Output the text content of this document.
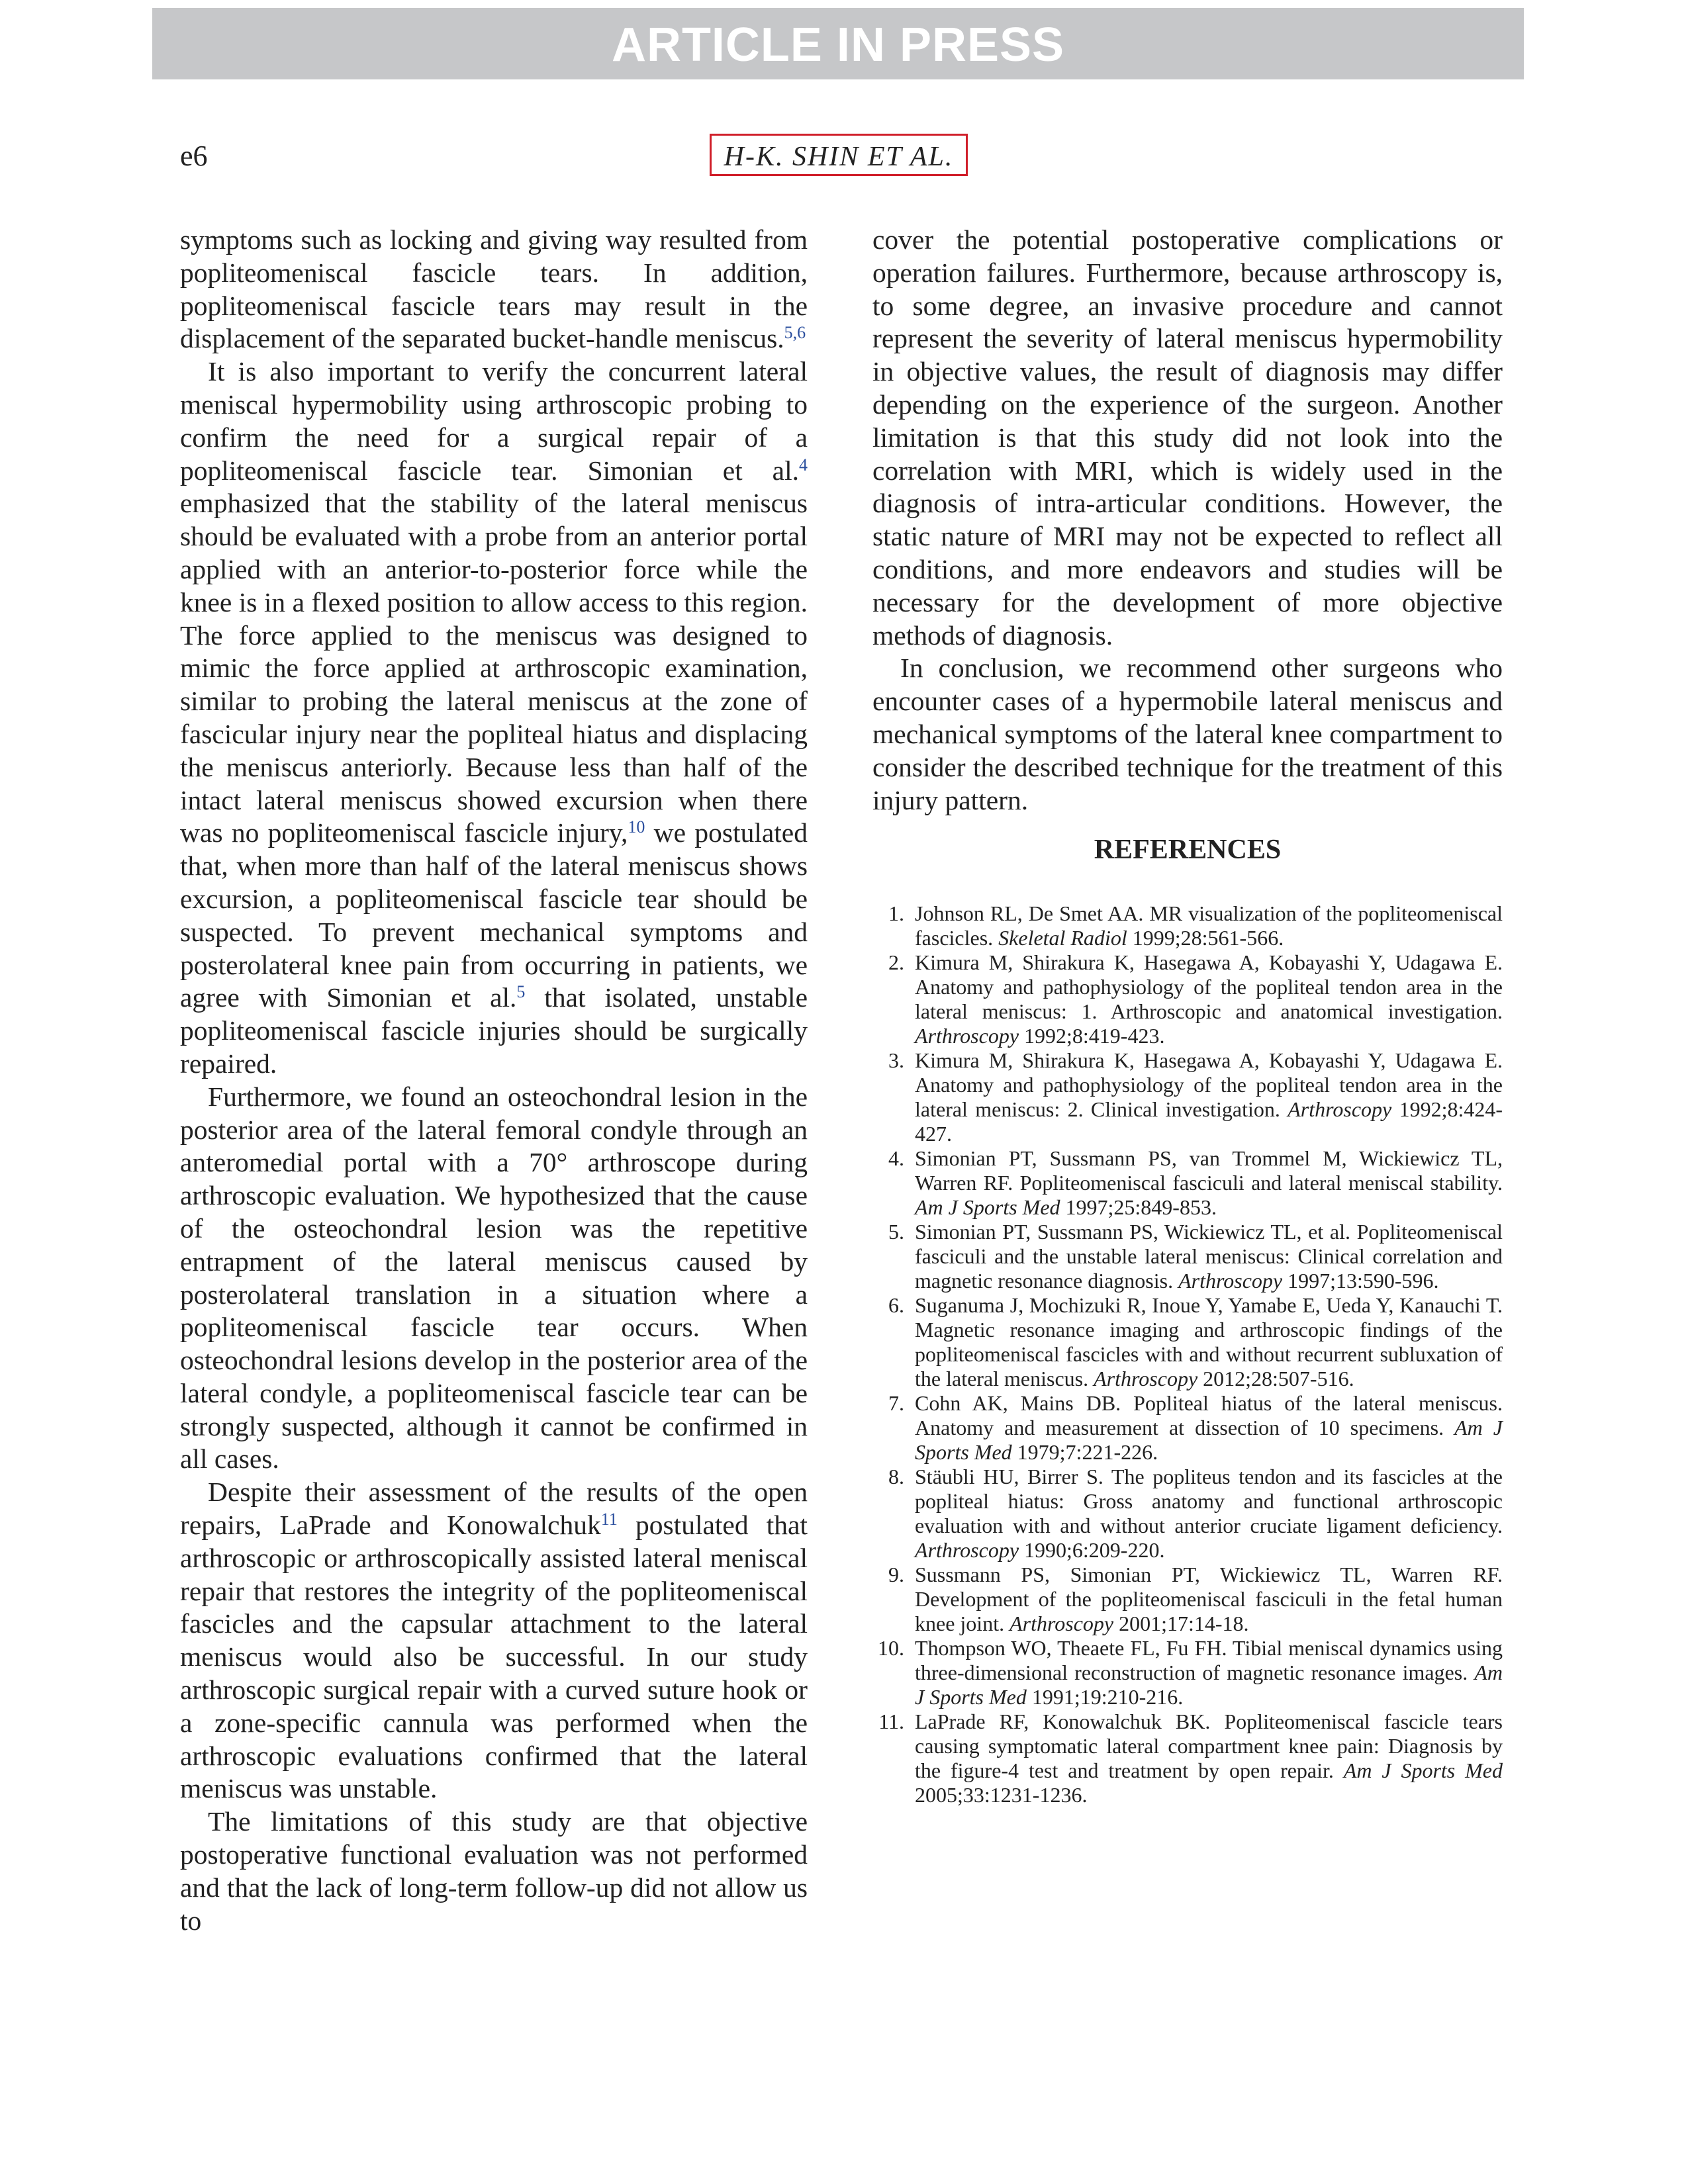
ARTICLE IN PRESS
e6	H-K. SHIN ET AL.

symptoms such as locking and giving way resulted from popliteomeniscal fascicle tears. In addition, popliteomeniscal fascicle tears may result in the displacement of the separated bucket-handle meniscus.$^{5,6}$

It is also important to verify the concurrent lateral meniscal hypermobility using arthroscopic probing to confirm the need for a surgical repair of a popliteomeniscal fascicle tear. Simonian et al.$^4$ emphasized that the stability of the lateral meniscus should be evaluated with a probe from an anterior portal applied with an anterior-to-posterior force while the knee is in a flexed position to allow access to this region. The force applied to the meniscus was designed to mimic the force applied at arthroscopic examination, similar to probing the lateral meniscus at the zone of fascicular injury near the popliteal hiatus and displacing the meniscus anteriorly. Because less than half of the intact lateral meniscus showed excursion when there was no popliteomeniscal fascicle injury,$^{10}$ we postulated that, when more than half of the lateral meniscus shows excursion, a popliteomeniscal fascicle tear should be suspected. To prevent mechanical symptoms and posterolateral knee pain from occurring in patients, we agree with Simonian et al.$^5$ that isolated, unstable popliteomeniscal fascicle injuries should be surgically repaired.

Furthermore, we found an osteochondral lesion in the posterior area of the lateral femoral condyle through an anteromedial portal with a 70° arthroscope during arthroscopic evaluation. We hypothesized that the cause of the osteochondral lesion was the repetitive entrapment of the lateral meniscus caused by posterolateral translation in a situation where a popliteomeniscal fascicle tear occurs. When osteochondral lesions develop in the posterior area of the lateral condyle, a popliteomeniscal fascicle tear can be strongly suspected, although it cannot be confirmed in all cases.

Despite their assessment of the results of the open repairs, LaPrade and Konowalchuk$^{11}$ postulated that arthroscopic or arthroscopically assisted lateral meniscal repair that restores the integrity of the popliteomeniscal fascicles and the capsular attachment to the lateral meniscus would also be successful. In our study arthroscopic surgical repair with a curved suture hook or a zone-specific cannula was performed when the arthroscopic evaluations confirmed that the lateral meniscus was unstable.

The limitations of this study are that objective postoperative functional evaluation was not performed and that the lack of long-term follow-up did not allow us to

cover the potential postoperative complications or operation failures. Furthermore, because arthroscopy is, to some degree, an invasive procedure and cannot represent the severity of lateral meniscus hypermobility in objective values, the result of diagnosis may differ depending on the experience of the surgeon. Another limitation is that this study did not look into the correlation with MRI, which is widely used in the diagnosis of intra-articular conditions. However, the static nature of MRI may not be expected to reflect all conditions, and more endeavors and studies will be necessary for the development of more objective methods of diagnosis.

In conclusion, we recommend other surgeons who encounter cases of a hypermobile lateral meniscus and mechanical symptoms of the lateral knee compartment to consider the described technique for the treatment of this injury pattern.

REFERENCES
1. Johnson RL, De Smet AA. MR visualization of the popliteomeniscal fascicles. Skeletal Radiol 1999;28:561-566.
2. Kimura M, Shirakura K, Hasegawa A, Kobayashi Y, Udagawa E. Anatomy and pathophysiology of the popliteal tendon area in the lateral meniscus: 1. Arthroscopic and anatomical investigation. Arthroscopy 1992;8:419-423.
3. Kimura M, Shirakura K, Hasegawa A, Kobayashi Y, Udagawa E. Anatomy and pathophysiology of the popliteal tendon area in the lateral meniscus: 2. Clinical investigation. Arthroscopy 1992;8:424-427.
4. Simonian PT, Sussmann PS, van Trommel M, Wickiewicz TL, Warren RF. Popliteomeniscal fasciculi and lateral meniscal stability. Am J Sports Med 1997;25:849-853.
5. Simonian PT, Sussmann PS, Wickiewicz TL, et al. Popliteomeniscal fasciculi and the unstable lateral meniscus: Clinical correlation and magnetic resonance diagnosis. Arthroscopy 1997;13:590-596.
6. Suganuma J, Mochizuki R, Inoue Y, Yamabe E, Ueda Y, Kanauchi T. Magnetic resonance imaging and arthroscopic findings of the popliteomeniscal fascicles with and without recurrent subluxation of the lateral meniscus. Arthroscopy 2012;28:507-516.
7. Cohn AK, Mains DB. Popliteal hiatus of the lateral meniscus. Anatomy and measurement at dissection of 10 specimens. Am J Sports Med 1979;7:221-226.
8. Stäubli HU, Birrer S. The popliteus tendon and its fascicles at the popliteal hiatus: Gross anatomy and functional arthroscopic evaluation with and without anterior cruciate ligament deficiency. Arthroscopy 1990;6:209-220.
9. Sussmann PS, Simonian PT, Wickiewicz TL, Warren RF. Development of the popliteomeniscal fasciculi in the fetal human knee joint. Arthroscopy 2001;17:14-18.
10. Thompson WO, Theaete FL, Fu FH. Tibial meniscal dynamics using three-dimensional reconstruction of magnetic resonance images. Am J Sports Med 1991;19:210-216.
11. LaPrade RF, Konowalchuk BK. Popliteomeniscal fascicle tears causing symptomatic lateral compartment knee pain: Diagnosis by the figure-4 test and treatment by open repair. Am J Sports Med 2005;33:1231-1236.
